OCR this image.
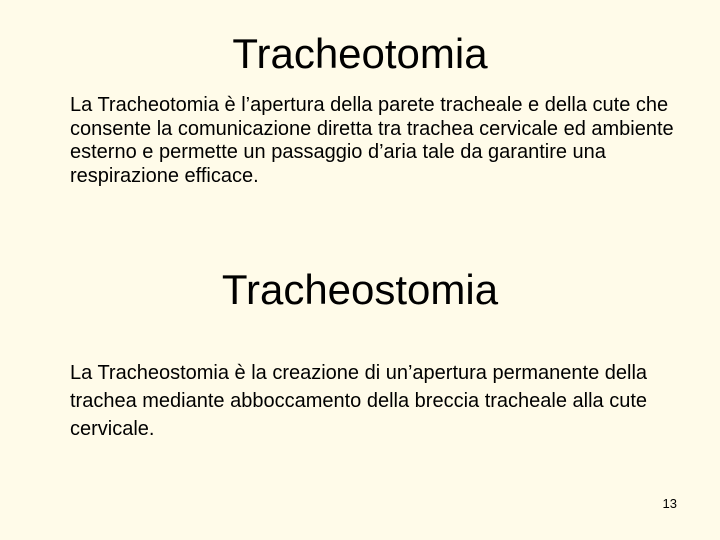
Tracheotomia

La Tracheotomia è l’apertura della parete tracheale e della cute che consente la comunicazione diretta tra trachea cervicale ed ambiente esterno e permette un passaggio d’aria tale da garantire una respirazione efficace.

Tracheostomia

La Tracheostomia è la creazione di un’apertura permanente della trachea mediante abboccamento della breccia tracheale alla cute cervicale.

13
